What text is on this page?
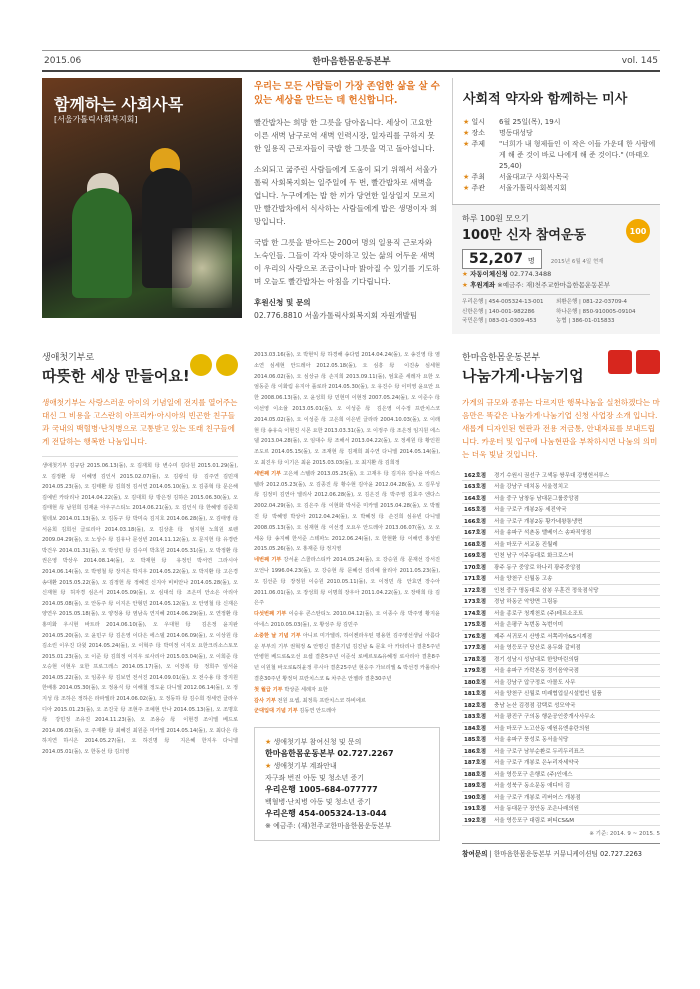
2015.06	한마음한몸운동본부	vol. 145
함께하는 사회사목
[서울가톨릭사회복지회]
우리는 모든 사람들이 가장 존엄한 삶을 살 수 있는 세상을 만드는 데 헌신합니다.

빨간밥차는 희망 한 그릇을 담아옵니다. 세상이 고요한 이른 새벽 남구로역 새벽 인력시장, 일자리를 구하지 못한 일용직 근로자들이 국밥 한 그릇을 먹고 돌아섭니다.

소외되고 굶주린 사람들에게 도움이 되기 위해서 서울가톨릭 사회복지회는 일주일에 두 번, 빨간밥차로 새벽을 엽니다. 누구에게는 밥 한 끼가 당연한 일상일지 모르지만 빨간밥차에서 식사하는 사람들에게 밥은 생명이자 희망입니다.

국밥 한 그릇을 받아드는 200여 명의 일용직 근로자와 노숙인들. 그들이 각자 맞이하고 있는 삶의 어두운 새벽이 우리의 사랑으로 조금이나마 밝아질 수 있기를 기도하며 오늘도 빨간밥차는 아침을 기다립니다.

후원신청 및 문의
02.776.8810 서울가톨릭사회복지회 자원개발팀
사회적 약자와 함께하는 미사
★ 일시	6월 25일(목), 19시
★ 장소	명동대성당
★ 주제	"너희가 내 형제들인 이 작은 이들 가운데 한 사람에게 해 준 것이 바로 나에게 해 준 것이다." (마태오 25,40)
★ 주최	서울대교구 사회사목국
★ 주관	서울가톨릭사회복지회
하루 100원 모으기
100만 신자 참여운동	100
52,207 명	2015년 6월 4일 현재
★ 자동이체신청 02.774.3488
★ 후원계좌 ※예금주: 재)천주교한마음한몸운동본부
우리은행 | 454-005324-13-001	외환은행 | 081-22-03709-4
신한은행 | 140-001-982286	하나은행 | 850-910005-09104
국민은행 | 083-01-0309-453	농협 | 386-01-015833
생애첫기부로
따뜻한 세상 만들어요!
생애첫기부는 사랑스러운 아이의 기념일에 전지를 열어주는 대신 그 비용을 고스란히 아프리카·아시아의 빈곤한 친구들과 국내의 백혈병·난치병으로 고통받고 있는 또래 친구들에게 전달하는 행복한 나눔입니다.
생애첫기부 김규담 2015.06.13(돌), 오 김재희 母 변수미 김다원 2015.01.29(돌), 오 김정환 母 이혜영 김인서 2015.02.07(돌), 오 김광석 母 김주연 김민재 2014.05.23(돌), 오 김태환 母 김희정 김서연 2014.05.10(돌), 오 김종혁 母 문은해 김예빈 카타리나 2014.04.22(돌), 오 김대희 母 방은정 김하은 2015.06.30(돌), 오 김태현 母 남원희 김재윤 아우구스티노 2014.06.21(돌), 오 김인식 母 한혜영 김준희 힐데보 2014.01.13(돌), 오 김동구 母 박미숙 김지호 2014.06.28(돌), 오 김태영 母 서윤희 김희선 글로리아 2014.03.18(돌), 오 김상훈 母 엄지현 노희원 로렌 2009.04.29(돌), 오 노상수 母 김유나 문성빈 2014.11.12(돌), 오 문지헌 母 유경란 박건우 2014.01.31(돌), 오 박성민 母 김수미 박초원 2014.05.31(돌), 오 박정환 母 권은영 박상우 2014.08.14(돌), 오 박재현 母 유정인 박서연 그라시아 2014.06.14(돌), 오 박영철 母 장지은 박지우 2014.05.22(돌), 오 박지환 母 고은경 송대환 2015.05.22(돌), 오 김정헌 母 정혜진 신지아 비비안나 2014.05.28(돌), 오 신재현 母 허자경 심은서 2014.05.09(돌), 오 심대석 母 조은미 안소은 아리아 2014.05.08(돌), 오 안동주 母 이지은 안형민 2014.05.12(돌), 오 안영철 母 신재은 양연우 2015.05.18(돌), 오 양정용 母 염남옥 연지혜 2014.06.29(돌), 오 연정환 母 홍미화 우시현 바트라 2014.06.10(돌), 오 우대현 母 김은정 윤지완 2014.05.20(돌), 오 윤민구 母 김은영 이다은 에스델 2014.06.09(돌), 오 이상원 母 김소린 이우진 다윗 2014.05.24(돌), 오 이혁주 母 박미정 이지오 요한크리소스토모 2015.01.23(돌), 오 이준 母 김희정 이지우 로사리아 2015.03.04(돌), 오 이희준 母 오승현 이현우 요한 프로그레스 2014.05.17(돌), 오 이장복 母 정희주 임서윤 2014.05.22(돌), 오 임종우 母 김보연 전서진 2014.09.01(돌), 오 전수용 母 장지원 한배홍 2014.05.30(돌), 오 정용식 母 이해철 정도윤 다니엘 2012.06.14(돌), 오 정지성 母 조하은 정하은 라파엘라 2014.06.02(돌), 오 정동하 母 김수희 정세연 클라우디아 2015.01.23(돌), 오 조진국 母 조현주 조예현 안나 2014.05.13(돌), 오 조명호 母 강민정 조유진 2014.11.23(돌), 오 조용승 母 이현경 조이엘 베드로 2014.06.03(돌), 오 주재환 母 최혜진 최원준 미카엘 2014.05.14(돌), 오 최다은 母 하지연 하시은 2014.05.27(돌), 오 하진명 母 지은혜 한지우 다니엘 2014.05.01(돌), 오 한동선 母 김의영
2013.03.16(돌), 오 박현익 母 하경해 송다엽 2014.04.24(돌), 오 송진영 母 염소연 심세현 안드레아 2012.05.18(돌), 오 심흥 母 이진송 심세현 2014.06.02(돌), 오 심상규 母 손지희 2013.09.11(돌), 엄효준 세레자 요한 오 엄동준 母 이화림 유지아 플로라 2014.05.30(돌), 오 유진수 母 이미영 윤요안 요한 2008.06.13(돌), 오 윤성희 母 민현미 이현정 2007.05.24(돌), 오 이준수 母 이선영 이소율 2013.05.01(돌), 오 이성준 母 김은영 이수정 프란치스코 2014.05.02(돌), 오 이성준 母 고은희 이은빈 글라라 2004.10.03(돌), 오 이래현 母 송유숙 이현진 시몬 요한 2013.03.31(돌), 오 이정주 母 조은정 임지원 에스델 2013.04.28(돌), 오 임대수 母 조해서 2013.04.22(돌), 오 정세원 母 황인원 조도르 2014.05.15(돌), 오 조재현 母 김재희 최수연 다니엘 2014.05.14(돌), 오 최진우 母 이기은 최윤 2015.03.03(돌), 오 최지환 母 김희정
세번째 기부 고은채 스텔라 2013.05.25(돌), 오 고재우 母 김지유 김나윤 마리스텔라 2012.05.23(돌), 오 김종진 母 황수현 김아윤 2012.04.28(돌), 오 김무성 母 김정미 김연아 엘리사 2012.06.28(돌), 오 김은진 母 박주영 김효주 엔다스 2002.04.29(돌), 오 김은주 母 이현화 박서준 미카엘 2015.04.28(돌), 오 박필진 母 박혜영 박상아 2012.04.24(돌), 오 박혜정 母 손진희 심유빈 다니엘 2008.05.13(돌), 오 심재현 母 이선경 오요우 안드레아 2013.06.07(돌), 오 오세웅 母 송지혜 한서준 스테파노 2012.06.24(돌), 오 한현환 母 이해린 홍상빈 2015.05.26(돌), 오 홍재준 母 정지영
네번째 기부 강서윤 스콜라스티카 2014.05.24(돌), 오 강승원 母 문재선 강서진 오언나 1996.04.23(돌), 오 강승현 母 문혜선 김리예 율리아 2011.05.23(돌), 오 김선준 母 장정원 이승원 2010.05.11(돌), 오 이정민 母 안효연 장수아 2011.06.01(돌), 오 장성희 母 이명희 장우아 2011.04.22(돌), 오 장태희 母 김은주
다섯번째 기부 이승유 콘스탄티노 2010.04.12(돌), 오 이종수 母 박주영 황지윤 아네스 2010.05.03(돌), 오 황성주 母 김민주
소중한 날 기념 기부 아니르 미가엘리, 하이켄라우틴 평용헌 김주영선생님 아름다운 부부의 기부 권혁정 & 안명신 결혼기념 김진남 & 문효 아 카타리나 결혼5주년 안병헌 베드로&오선 요셉 결혼5주년 이준석 로베르토&유혜정 로사리아 결혼8주년 이원철 바오로&허윤정 루시아 결혼25주년 현응주 가브리엘 & 박선경 카롤리나 결혼30주년 황정덕 프란치스코 & 차주은 안젤라 결혼30주년
첫 월급 기부 박상준 세례자 요한
감사 기부 전원 요셉, 최정록 프란치스코 하비에르
군대입대 기념 기부 김동연 안드레아
★ 생애첫기부 참여신청 및 문의
한마음한몸운동본부 02.727.2267
★ 생애첫기부 계좌안내
자구좌 번진 아동 및 청소년 증기
우리은행 1005-684-077777
백혈병·난치병 아동 및 청소년 증기
우리은행 454-005324-13-044
※ 예금주: (재)천주교한마음한몸운동본부
한마음한몸운동본부
나눔가게·나눔기업
가게의 규모와 종류는 다르지만 행복나눔을 실천하겠다는 마음만은 똑같은 나눔가게·나눔기업 신청 사업장 소개 입니다. 새롭게 디자인된 현판과 전용 저금통, 안내자료를 보내드립니다. 카운터 및 입구에 나눔현판을 부착하시면 나눔의 의미는 더욱 빛날 것입니다.
162호점	경기 수원시 권선구 고색동 쌍무대 강병헌서루스
163호점	서울 강남구 대치동 서울정치고
164호점	서울 중구 남창동 남대문그룹중앙점
165호점	서울 구로구 개봉2동 세진약국
166호점	서울 구로구 개봉2동 황가네왕통냉면
167호점	서울 송파구 석촌동 밸베이스 송파직영점
168호점	서울 마포구 서교동 진월레
169호점	인천 남구 이주동대로 화크로스터
170호점	광주 동구 중앙로 하나리 광주중앙점
171호점	서울 양천구 신월동 고송
172호점	인천 중구 명동대로 삼봉 우훈건 정육점식당
173호점	경남 하동군 악양면 그림동
174호점	서울 종로구 청계천로 (주)테르소조트
175호점	서울 은평구 녹번동 녹번이미
176호점	제주 서귀포시 산방로 서쪽리아&S시계점
177호점	서울 영등포구 당산로 용두화 갈비점
178호점	경기 성남시 성남대로 한양마린의팀
179호점	서울 송파구 가락본동 정이음약국점
180호점	서울 강남구 압구정로 아몰도 사무
181호점	서울 양천구 신월로 미래협업실시설법인 일품
182호점	충남 논산 김경점 감택로 성모약국
183호점	서울 광진구 구의동 행운공인중개사사무소
184호점	서울 마포구 노고산동 예원유엔송란의원
185호점	서울 송파구 풍성로 동서울식당
186호점	서울 구로구 남부순환로 두리두리표즈
187호점	서울 구로구 개봉로 은누리자세약국
188호점	서울 영등포구 은행로 (주)인애스
189호점	서울 성북구 동소문동 애디터 김
190호점	서울 구로구 개봉로 리버어스 개봉점
191호점	서울 동대문구 장안동 조은나래의원
192호점	서울 영등포구 대림로 퍼티CS&M
※ 기준: 2014. 9 ~ 2015. 5
참여문의 | 한마음한몸운동본부 커뮤니케이션팀 02.727.2263
